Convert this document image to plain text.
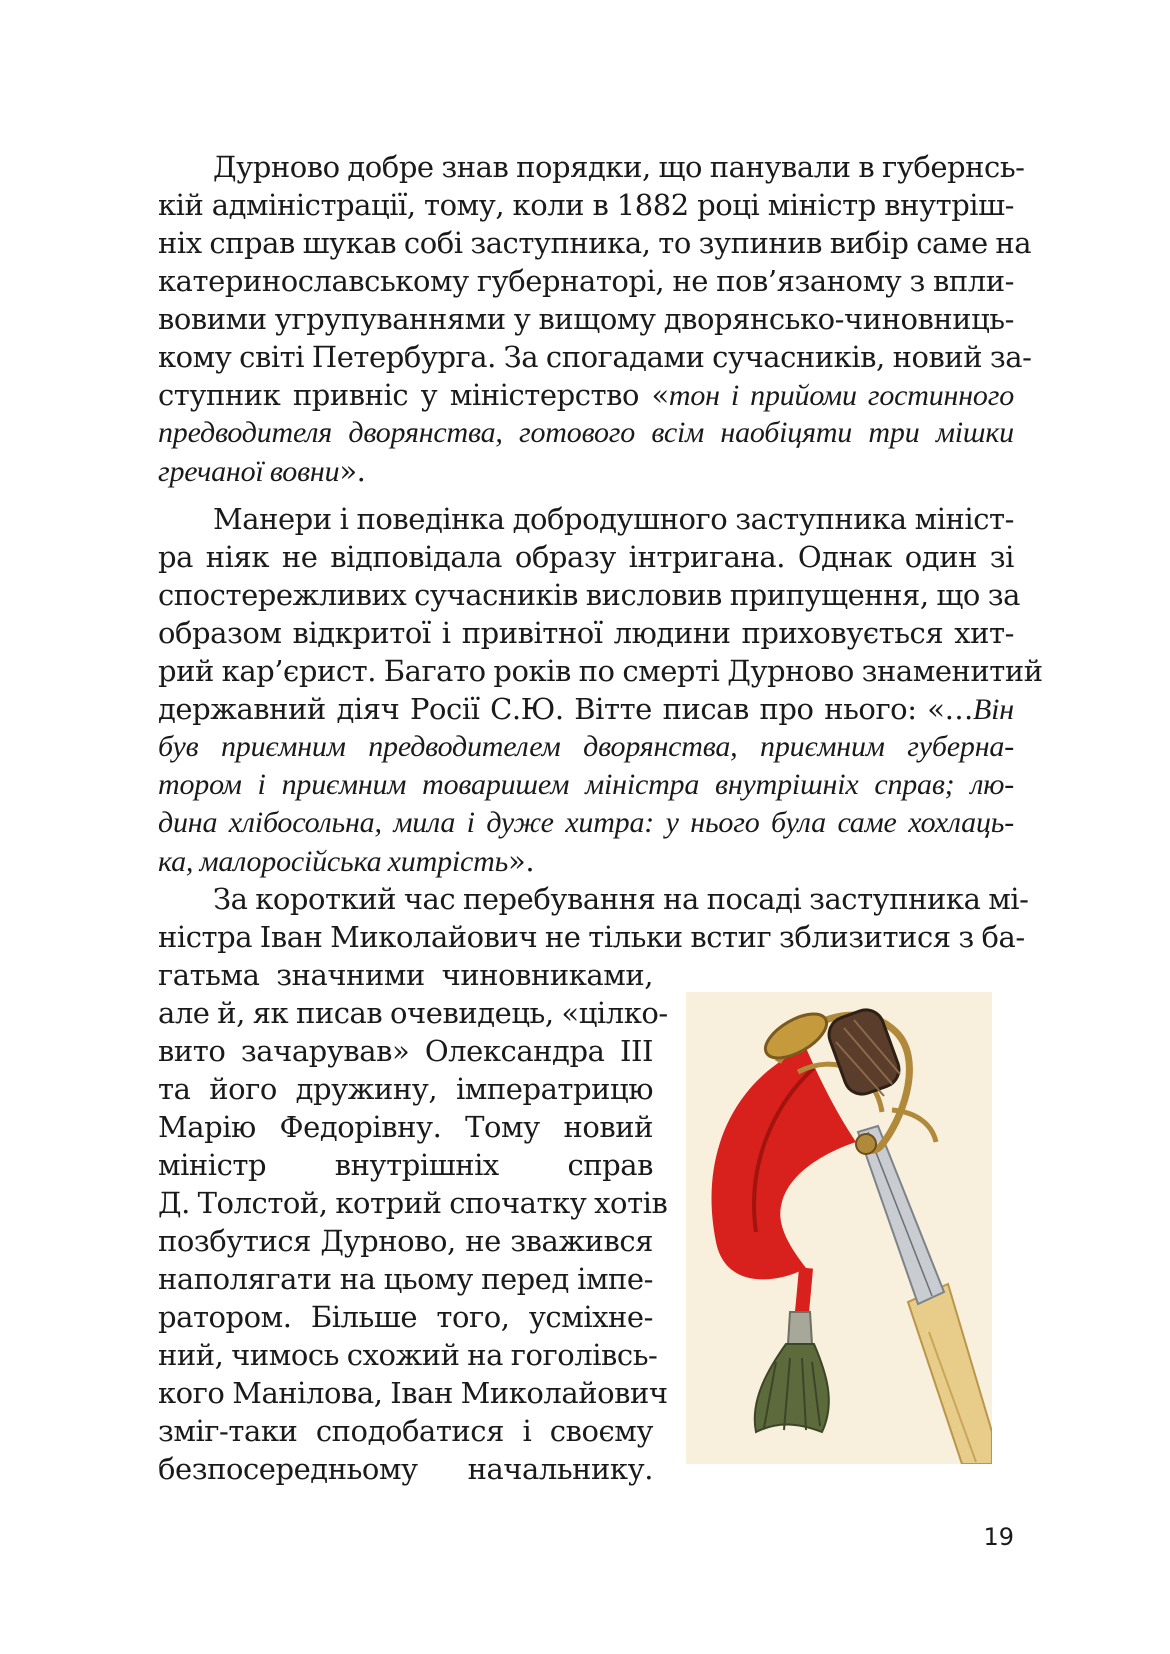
Дурново добре знав порядки, що панували в губернсь-
кій адміністрації, тому, коли в 1882 році міністр внутріш-
ніх справ шукав собі заступника, то зупинив вибір саме на
катеринославському губернаторі, не пов’язаному з впли-
вовими угрупуваннями у вищому дворянсько-чиновниць-
кому світі Петербурга. За спогадами сучасників, новий за-
ступник привніс у міністерство «тон і прийоми гостинного
предводителя дворянства, готового всім наобіцяти три мішки
гречаної вовни».
Манери і поведінка добродушного заступника мініст-
ра ніяк не відповідала образу інтригана. Однак один зі
спостережливих сучасників висловив припущення, що за
образом відкритої і привітної людини приховується хит-
рий кар’єрист. Багато років по смерті Дурново знаменитий
державний діяч Росії С.Ю. Вітте писав про нього: «…Він
був приємним предводителем дворянства, приємним губерна-
тором і приємним товаришем міністра внутрішніх справ; лю-
дина хлібосольна, мила і дуже хитра: у нього була саме хохлаць-
ка, малоросійська хитрість».
За короткий час перебування на посаді заступника мі-
ністра Іван Миколайович не тільки встиг зблизитися з ба-
гатьма значними чиновниками,
але й, як писав очевидець, «цілко-
вито зачарував» Олександра III
та його дружину, імператрицю
Марію Федорівну. Тому новий
міністр внутрішніх справ
Д. Толстой, котрий спочатку хотів
позбутися Дурново, не зважився
наполягати на цьому перед імпе-
ратором. Більше того, усміхне-
ний, чимось схожий на гоголівсь-
кого Манілова, Іван Миколайович
зміг-таки сподобатися і своєму
безпосередньому начальнику.
19
